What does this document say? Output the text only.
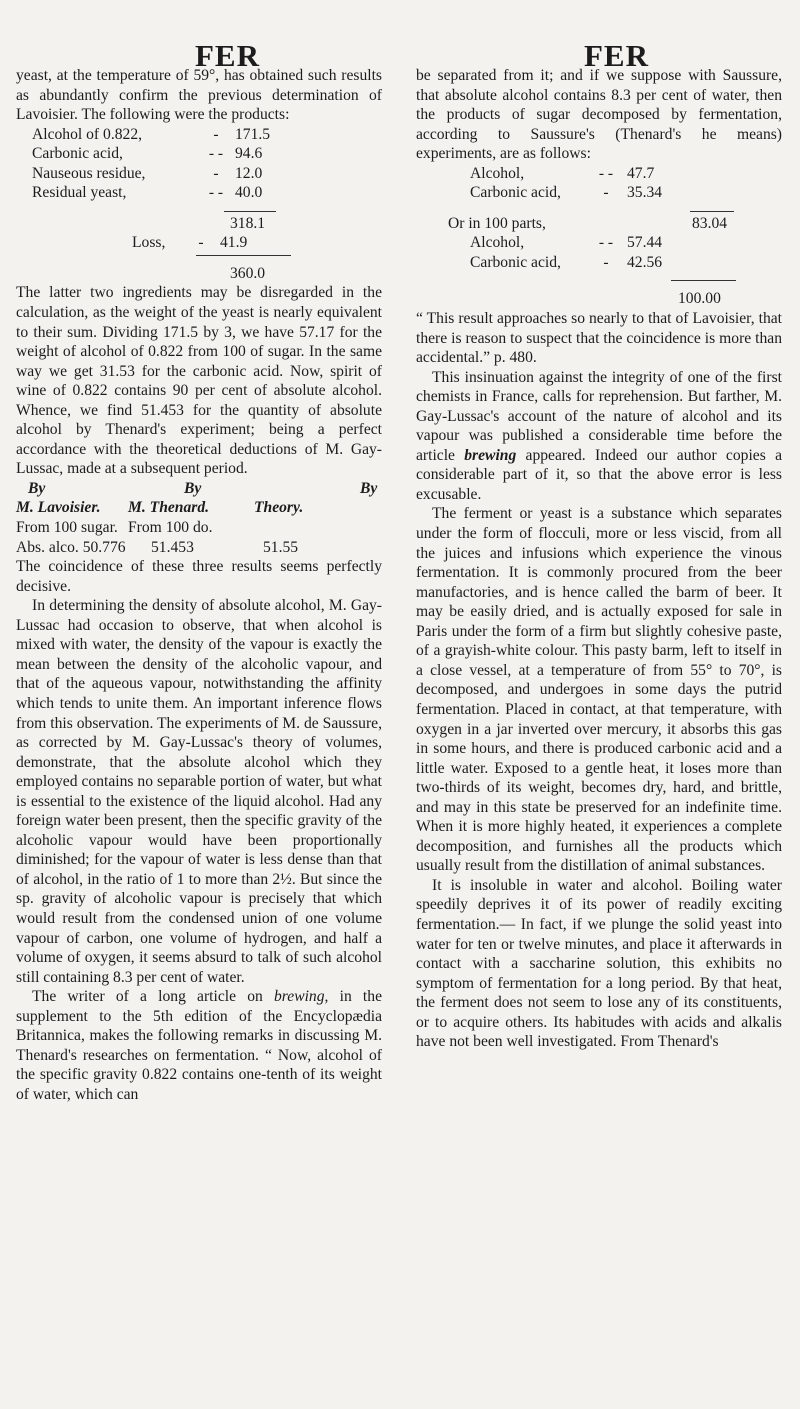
FER	FER
yeast, at the temperature of 59°, has obtained such results as abundantly confirm the previous determination of Lavoisier. The following were the products:
Alcohol of 0.822,	-	171.5
Carbonic acid,	- - 94.6
Nauseous residue,	-	12.0
Residual yeast,	- - 40.0
318.1
Loss,	-	41.9
360.0
The latter two ingredients may be disregarded in the calculation, as the weight of the yeast is nearly equivalent to their sum. Dividing 171.5 by 3, we have 57.17 for the weight of alcohol of 0.822 from 100 of sugar. In the same way we get 31.53 for the carbonic acid. Now, spirit of wine of 0.822 contains 90 per cent of absolute alcohol. Whence, we find 51.453 for the quantity of absolute alcohol by Thenard's experiment; being a perfect accordance with the theoretical deductions of M. Gay-Lussac, made at a subsequent period.
By	By	By
M. Lavoisier.	M. Thenard.	Theory.
From 100 sugar. From 100 do.
Abs. alco. 50.776	51.453	51.55
The coincidence of these three results seems perfectly decisive.
In determining the density of absolute alcohol, M. Gay-Lussac had occasion to observe, that when alcohol is mixed with water, the density of the vapour is exactly the mean between the density of the alcoholic vapour, and that of the aqueous vapour, notwithstanding the affinity which tends to unite them. An important inference flows from this observation. The experiments of M. de Saussure, as corrected by M. Gay-Lussac's theory of volumes, demonstrate, that the absolute alcohol which they employed contains no separable portion of water, but what is essential to the existence of the liquid alcohol. Had any foreign water been present, then the specific gravity of the alcoholic vapour would have been proportionally diminished; for the vapour of water is less dense than that of alcohol, in the ratio of 1 to more than 2½. But since the sp. gravity of alcoholic vapour is precisely that which would result from the condensed union of one volume vapour of carbon, one volume of hydrogen, and half a volume of oxygen, it seems absurd to talk of such alcohol still containing 8.3 per cent of water.
The writer of a long article on brewing, in the supplement to the 5th edition of the Encyclopædia Britannica, makes the following remarks in discussing M. Thenard's researches on fermentation. “ Now, alcohol of the specific gravity 0.822 contains one-tenth of its weight of water, which can
be separated from it; and if we suppose with Saussure, that absolute alcohol contains 8.3 per cent of water, then the products of sugar decomposed by fermentation, according to Saussure's (Thenard's he means) experiments, are as follows:
Alcohol,	- - 47.7
Carbonic acid,	-	35.34
83.04
Or in 100 parts,
Alcohol,	- - 57.44
Carbonic acid,	-	42.56
100.00
“ This result approaches so nearly to that of Lavoisier, that there is reason to suspect that the coincidence is more than accidental.” p. 480.
This insinuation against the integrity of one of the first chemists in France, calls for reprehension. But farther, M. Gay-Lussac's account of the nature of alcohol and its vapour was published a considerable time before the article brewing appeared. Indeed our author copies a considerable part of it, so that the above error is less excusable.
The ferment or yeast is a substance which separates under the form of flocculi, more or less viscid, from all the juices and infusions which experience the vinous fermentation. It is commonly procured from the beer manufactories, and is hence called the barm of beer. It may be easily dried, and is actually exposed for sale in Paris under the form of a firm but slightly cohesive paste, of a grayish-white colour. This pasty barm, left to itself in a close vessel, at a temperature of from 55° to 70°, is decomposed, and undergoes in some days the putrid fermentation. Placed in contact, at that temperature, with oxygen in a jar inverted over mercury, it absorbs this gas in some hours, and there is produced carbonic acid and a little water. Exposed to a gentle heat, it loses more than two-thirds of its weight, becomes dry, hard, and brittle, and may in this state be preserved for an indefinite time. When it is more highly heated, it experiences a complete decomposition, and furnishes all the products which usually result from the distillation of animal substances.
It is insoluble in water and alcohol. Boiling water speedily deprives it of its power of readily exciting fermentation.— In fact, if we plunge the solid yeast into water for ten or twelve minutes, and place it afterwards in contact with a saccharine solution, this exhibits no symptom of fermentation for a long period. By that heat, the ferment does not seem to lose any of its constituents, or to acquire others. Its habitudes with acids and alkalis have not been well investigated. From Thenard's
